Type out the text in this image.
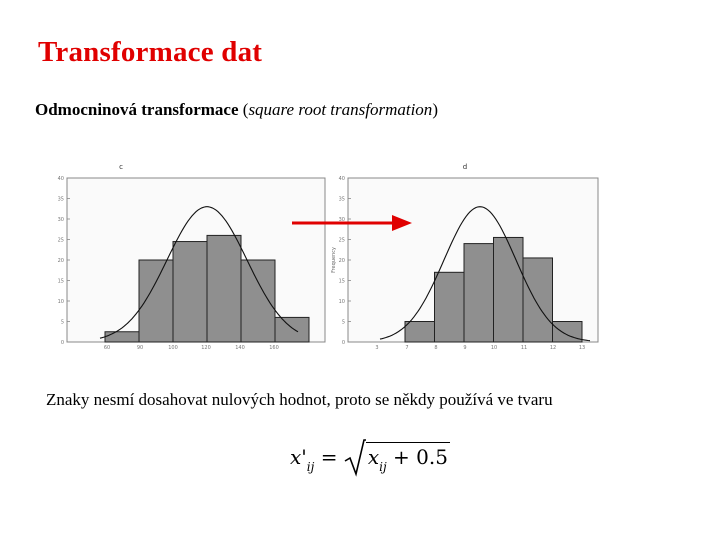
Transformace dat
Odmocninová transformace (square root transformation)
0
5
10
15
20
25
30
35
40
60	90	100	120	140	160
c
0
5
10
15
20
25
30
35
40
3	7	8	9	10	11	12	13
d
Frequency
Znaky nesmí dosahovat nulových hodnot, proto se někdy používá ve tvaru
$x'_{ij} = x_{ij} + 0.5$
